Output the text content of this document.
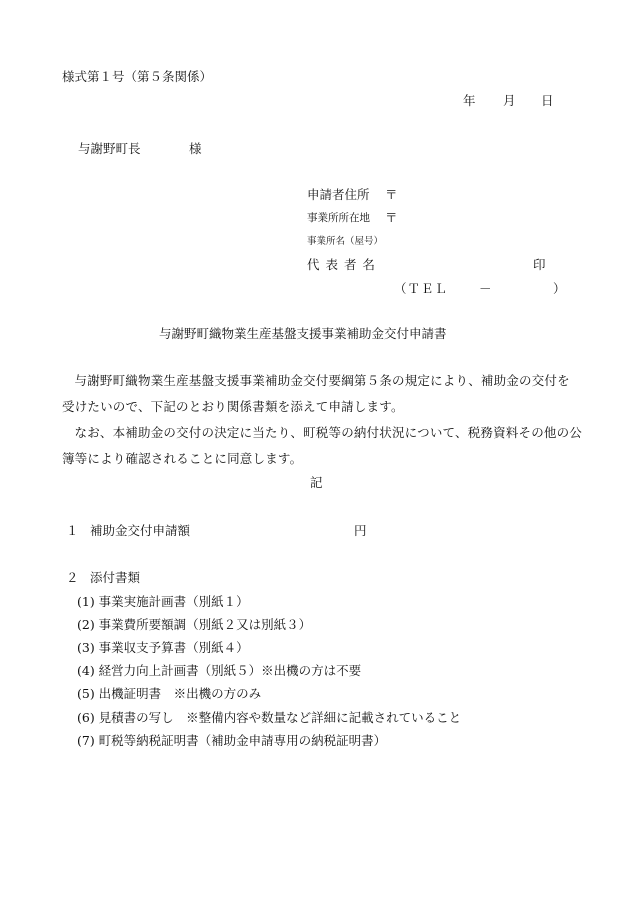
様式第１号（第５条関係）
年 月 日
与謝野町長	様
申請者住所 〒
事業所所在地 〒
事業所名（屋号）
代 表 者 名	印
（ＴＥＬ －	）
与謝野町織物業生産基盤支援事業補助金交付申請書
与謝野町織物業生産基盤支援事業補助金交付要綱第５条の規定により、補助金の交付を受けたいので、下記のとおり関係書類を添えて申請します。
なお、本補助金の交付の決定に当たり、町税等の納付状況について、税務資料その他の公簿等により確認されることに同意します。
記
１ 補助金交付申請額	円
２ 添付書類
(1) 事業実施計画書（別紙１）
(2) 事業費所要額調（別紙２又は別紙３）
(3) 事業収支予算書（別紙４）
(4) 経営力向上計画書（別紙５）※出機の方は不要
(5) 出機証明書　※出機の方のみ
(6) 見積書の写し　※整備内容や数量など詳細に記載されていること
(7) 町税等納税証明書（補助金申請専用の納税証明書）
